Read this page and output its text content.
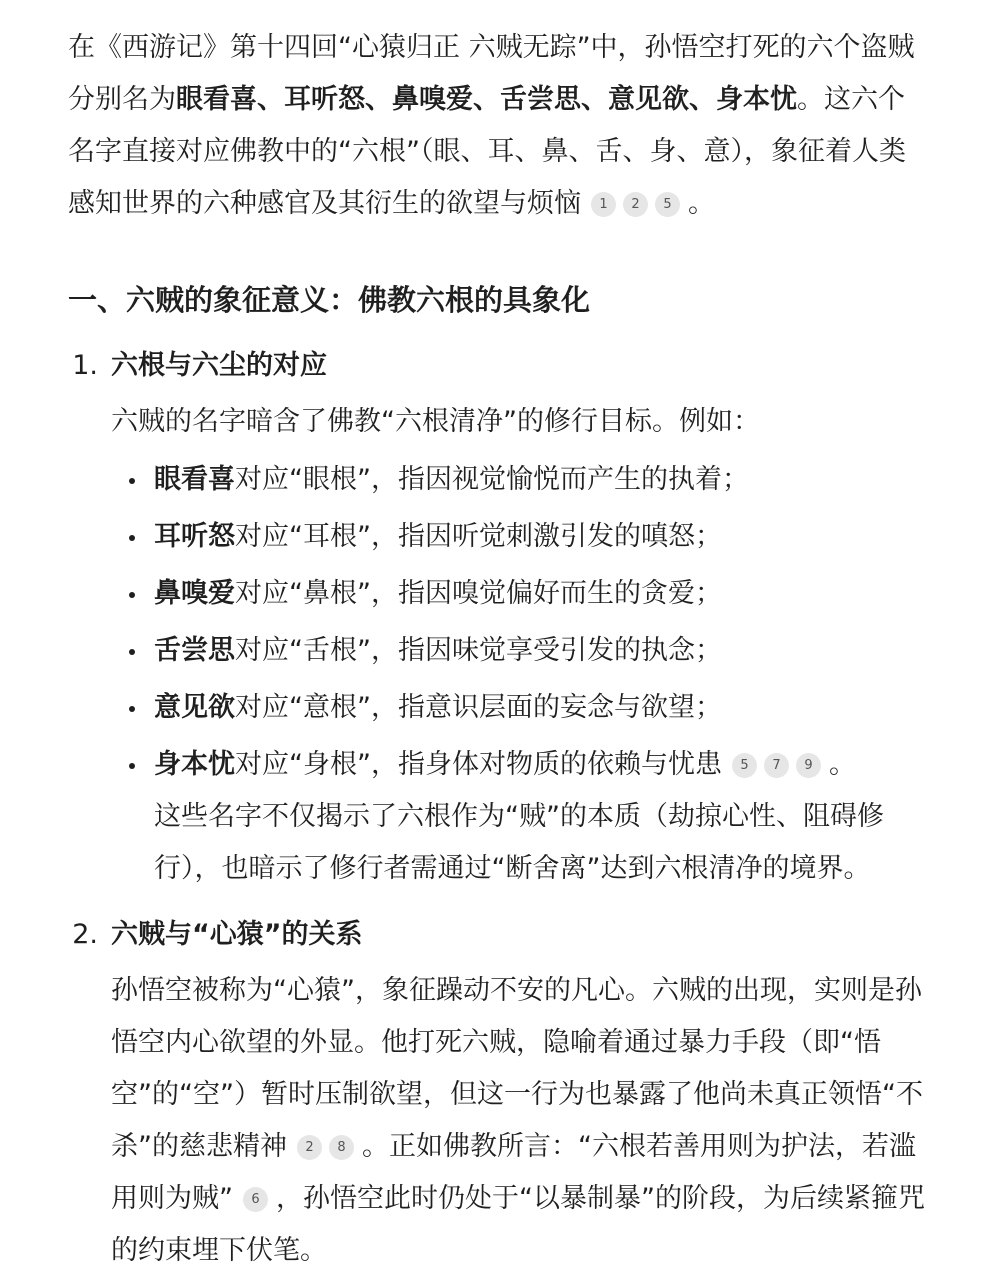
在《西游记》第十四回“心猿归正 六贼无踪”中，孙悟空打死的六个盗贼分别名为眼看喜、耳听怒、鼻嗅爱、舌尝思、意见欲、身本忧。这六个名字直接对应佛教中的“六根”（眼、耳、鼻、舌、身、意），象征着人类感知世界的六种感官及其衍生的欲望与烦恼 1 2 5 。

一、六贼的象征意义：佛教六根的具象化
1. 六根与六尘的对应
六贼的名字暗含了佛教“六根清净”的修行目标。例如：
眼看喜对应“眼根”，指因视觉愉悦而产生的执着；
耳听怒对应“耳根”，指因听觉刺激引发的嗔怒；
鼻嗅爱对应“鼻根”，指因嗅觉偏好而生的贪爱；
舌尝思对应“舌根”，指因味觉享受引发的执念；
意见欲对应“意根”，指意识层面的妄念与欲望；
身本忧对应“身根”，指身体对物质的依赖与忧患 5 7 9 。
这些名字不仅揭示了六根作为“贼”的本质（劫掠心性、阻碍修行），也暗示了修行者需通过“断舍离”达到六根清净的境界。
2. 六贼与“心猿”的关系
孙悟空被称为“心猿”，象征躁动不安的凡心。六贼的出现，实则是孙悟空内心欲望的外显。他打死六贼，隐喻着通过暴力手段（即“悟空”的“空”）暂时压制欲望，但这一行为也暴露了他尚未真正领悟“不杀”的慈悲精神 2 8 。正如佛教所言：“六根若善用则为护法，若滥用则为贼” 6 ，孙悟空此时仍处于“以暴制暴”的阶段，为后续紧箍咒的约束埋下伏笔。
